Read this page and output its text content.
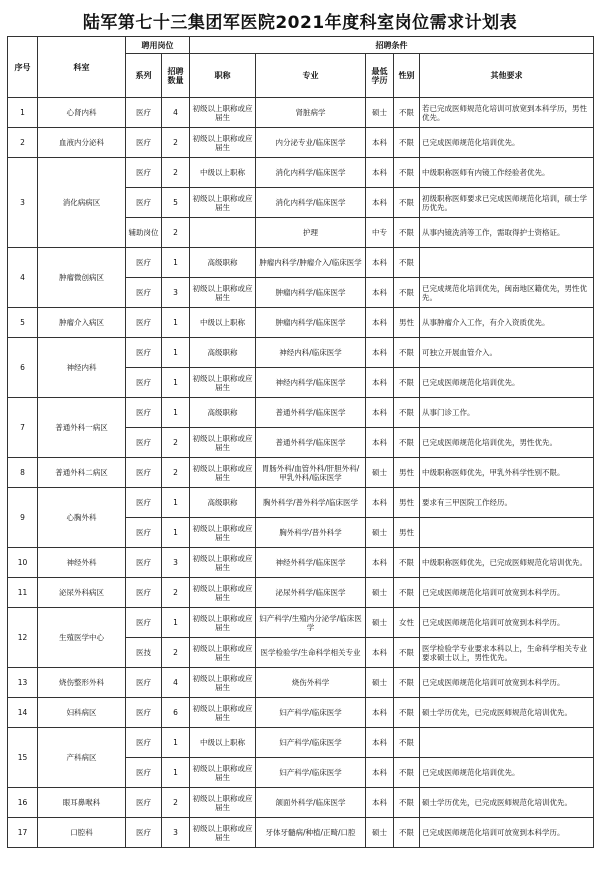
陆军第七十三集团军医院2021年度科室岗位需求计划表
序号	科室	聘用岗位		招聘条件				
		系列	招聘数量	职称	专业	最低学历	性别	其他要求
1	心肾内科	医疗	4	初级以上职称或应届生	肾脏病学	硕士	不限	若已完成医师规范化培训可放宽到本科学历，男性优先。
2	血液内分泌科	医疗	2	初级以上职称或应届生	内分泌专业/临床医学	本科	不限	已完成医师规范化培训优先。
3	消化病病区	医疗	2	中级以上职称	消化内科学/临床医学	本科	不限	中级职称医师有内镜工作经验者优先。
		医疗	5	初级以上职称或应届生	消化内科学/临床医学	本科	不限	初级职称医师要求已完成医师规范化培训，硕士学历优先。
		辅助岗位	2		护理	中专	不限	从事内镜洗消等工作，需取得护士资格证。
4	肿瘤微创病区	医疗	1	高级职称	肿瘤内科学/肿瘤介入/临床医学	本科	不限	
		医疗	3	初级以上职称或应届生	肿瘤内科学/临床医学	本科	不限	已完成规范化培训优先，闽南地区籍优先，男性优先。
5	肿瘤介入病区	医疗	1	中级以上职称	肿瘤内科学/临床医学	本科	男性	从事肿瘤介入工作，有介入资质优先。
6	神经内科	医疗	1	高级职称	神经内科/临床医学	本科	不限	可独立开展血管介入。
		医疗	1	初级以上职称或应届生	神经内科学/临床医学	本科	不限	已完成医师规范化培训优先。
7	普通外科一病区	医疗	1	高级职称	普通外科学/临床医学	本科	不限	从事门诊工作。
		医疗	2	初级以上职称或应届生	普通外科学/临床医学	本科	不限	已完成医师规范化培训优先，男性优先。
8	普通外科二病区	医疗	2	初级以上职称或应届生	胃肠外科/血管外科/肝胆外科/甲乳外科/临床医学	硕士	男性	中级职称医师优先，甲乳外科学性别不限。
9	心胸外科	医疗	1	高级职称	胸外科学/普外科学/临床医学	本科	男性	要求有三甲医院工作经历。
		医疗	1	初级以上职称或应届生	胸外科学/普外科学	硕士	男性	
10	神经外科	医疗	3	初级以上职称或应届生	神经外科学/临床医学	本科	不限	中级职称医师优先，已完成医师规范化培训优先。
11	泌尿外科病区	医疗	2	初级以上职称或应届生	泌尿外科学/临床医学	硕士	不限	已完成医师规范化培训可放宽到本科学历。
12	生殖医学中心	医疗	1	初级以上职称或应届生	妇产科学/生殖内分泌学/临床医学	硕士	女性	已完成医师规范化培训可放宽到本科学历。
		医技	2	初级以上职称或应届生	医学检验学/生命科学相关专业	本科	不限	医学检验学专业要求本科以上，生命科学相关专业要求硕士以上，男性优先。
13	烧伤整形外科	医疗	4	初级以上职称或应届生	烧伤外科学	硕士	不限	已完成医师规范化培训可放宽到本科学历。
14	妇科病区	医疗	6	初级以上职称或应届生	妇产科学/临床医学	本科	不限	硕士学历优先，已完成医师规范化培训优先。
15	产科病区	医疗	1	中级以上职称	妇产科学/临床医学	本科	不限	
		医疗	1	初级以上职称或应届生	妇产科学/临床医学	本科	不限	已完成医师规范化培训优先。
16	眼耳鼻喉科	医疗	2	初级以上职称或应届生	颌面外科学/临床医学	本科	不限	硕士学历优先，已完成医师规范化培训优先。
17	口腔科	医疗	3	初级以上职称或应届生	牙体牙髓病/种植/正畸/口腔	硕士	不限	已完成医师规范化培训可放宽到本科学历。
